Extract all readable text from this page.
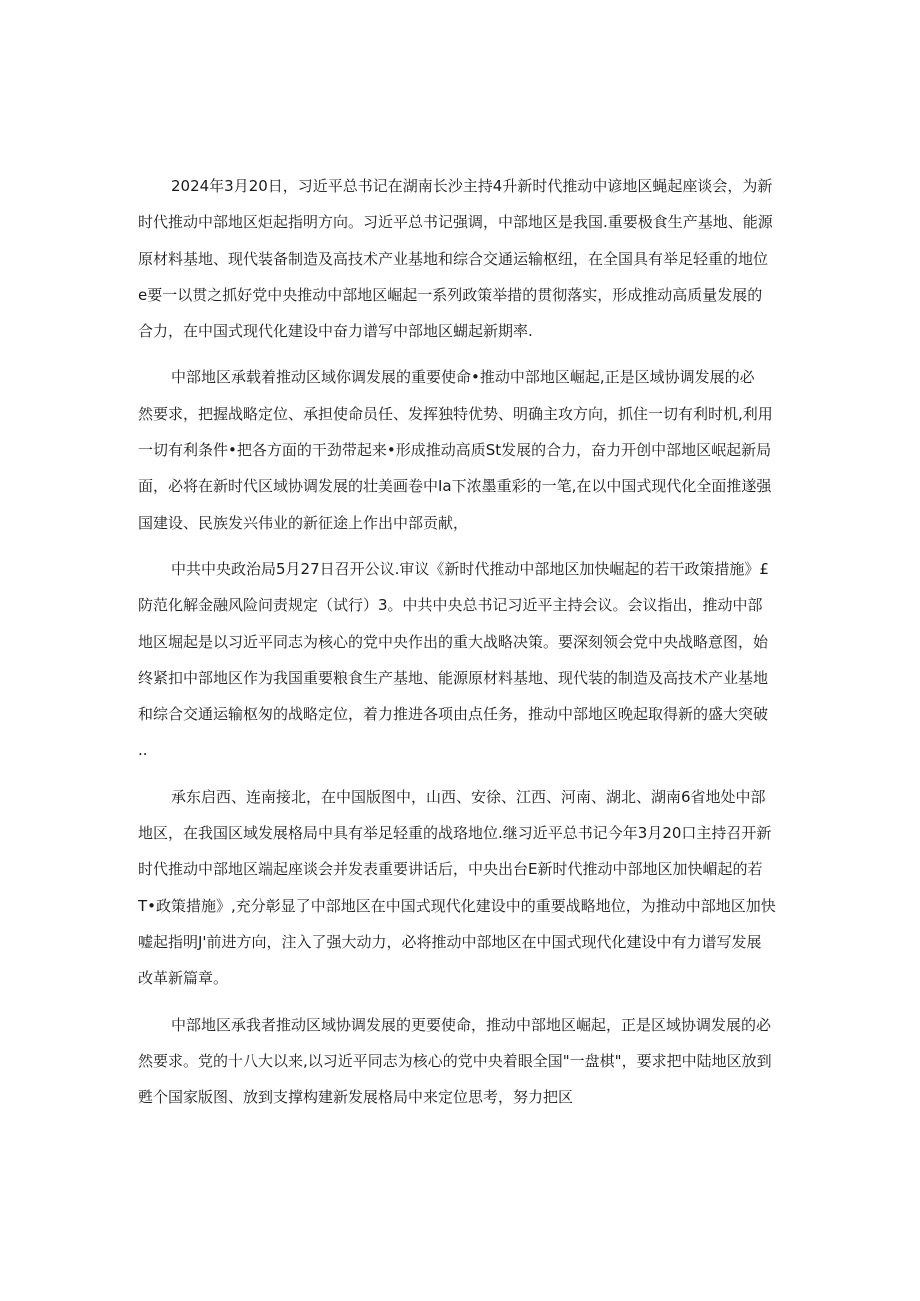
2024年3月20日，习近平总书记在湖南长沙主持4升新时代推动中谚地区蝇起座谈会，为新
时代推动中部地区炬起指明方向。习近平总书记强调，中部地区是我国.重要极食生产基地、能源
原材料基地、现代装备制造及高技术产业基地和综合交通运输枢纽，在全国具有举足轻重的地位
e要一以贯之抓好党中央推动中部地区崛起一系列政策举措的贯彻落实，形成推动高质量发展的
合力，在中国式现代化建设中奋力谱写中部地区蝴起新期率.

中部地区承载着推动区域你调发展的重要使命•推动中部地区崛起,正是区域协调发展的必
然要求，把握战略定位、承担使命员任、发挥独特优势、明确主攻方向，抓住一切有利时机,利用
一切有利条件•把各方面的干劲带起来•形成推动高质St发展的合力，奋力开创中部地区岷起新局
面，必将在新时代区域协调发展的壮美画卷中Ia下浓墨重彩的一笔,在以中国式现代化全面推遂强
国建设、民族发兴伟业的新征途上作出中部贡献，

中共中央政治局5月27日召开公议.审议《新时代推动中部地区加快崛起的若干政策措施》£
防范化解金融风险问责规定（试行）3。中共中央总书记习近平主持会议。会议指出，推动中部
地区堀起是以习近平同志为核心的党中央作出的重大战略决策。要深刻领会党中央战略意图，始
终紧扣中部地区作为我国重要粮食生产基地、能源原材料基地、现代装的制造及高技术产业基地
和综合交通运输枢匆的战略定位，着力推进各项由点任务，推动中部地区晚起取得新的盛大突破
..

承东启西、连南接北，在中国版图中，山西、安徐、江西、河南、湖北、湖南6省地处中部
地区，在我国区域发展格局中具有举足轻重的战珞地位.继习近平总书记今年3月20口主持召开新
时代推动中部地区端起座谈会并发表重要讲话后，中央出台E新时代推动中部地区加快嵋起的若
T•政策措施》,充分彰显了中部地区在中国式现代化建设中的重要战略地位，为推动中部地区加快
嘘起指明J'前进方向，注入了强大动力，必将推动中部地区在中国式现代化建设中有力谱写发展
改革新篇章。

中部地区承我者推动区域协调发展的更要使命，推动中部地区崛起，正是区域协调发展的必
然要求。党的十八大以来,以习近平同志为核心的党中央着眼全国"一盘棋"，要求把中陆地区放到
甦个国家版图、放到支撑构建新发展格局中来定位思考，努力把区
